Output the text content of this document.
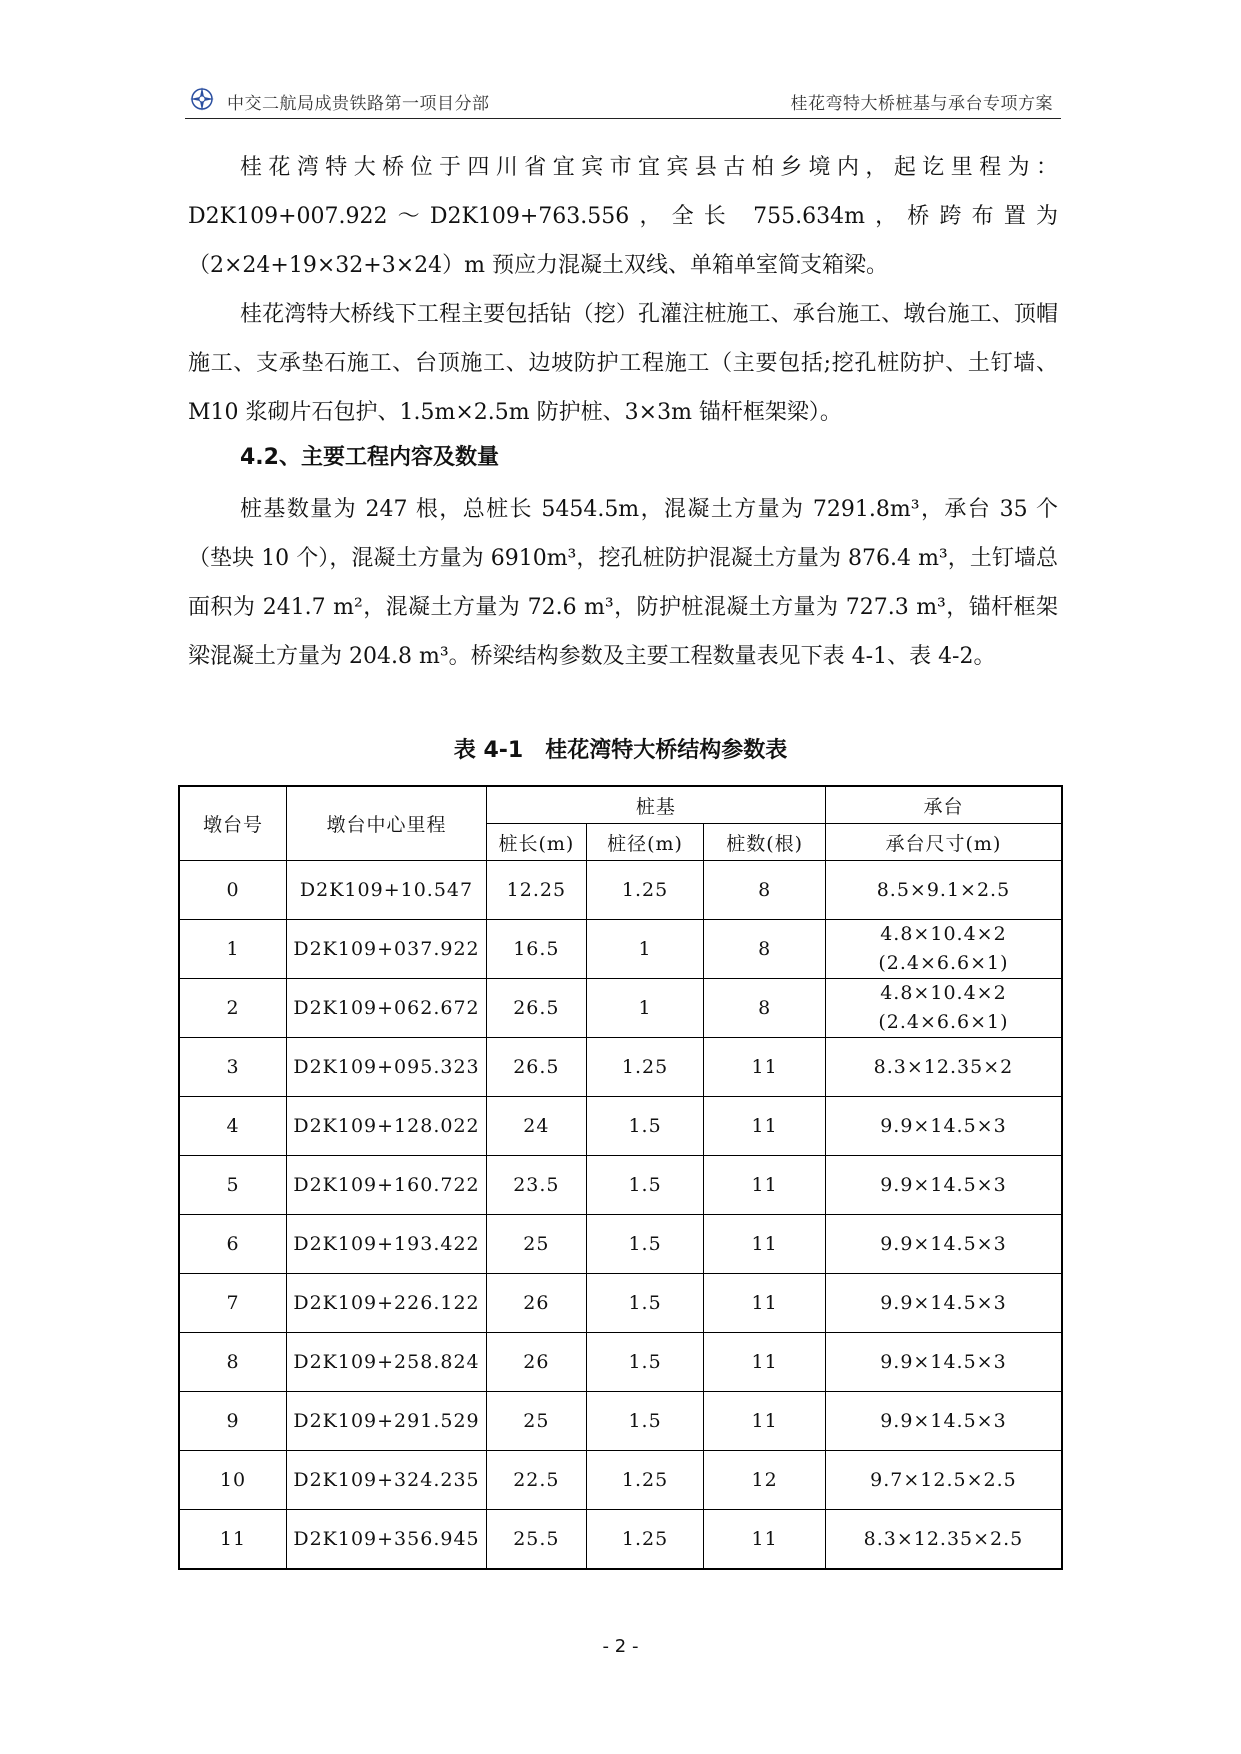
中交二航局成贵铁路第一项目分部	桂花弯特大桥桩基与承台专项方案

桂花湾特大桥位于四川省宜宾市宜宾县古柏乡境内，起讫里程为：D2K109+007.922～D2K109+763.556，全长 755.634m，桥跨布置为（2×24+19×32+3×24）m 预应力混凝土双线、单箱单室简支箱梁。

桂花湾特大桥线下工程主要包括钻（挖）孔灌注桩施工、承台施工、墩台施工、顶帽施工、支承垫石施工、台顶施工、边坡防护工程施工（主要包括;挖孔桩防护、土钉墙、M10 浆砌片石包护、1.5m×2.5m 防护桩、3×3m 锚杆框架梁）。

4.2、主要工程内容及数量

桩基数量为 247 根，总桩长 5454.5m，混凝土方量为 7291.8m³，承台 35 个（垫块 10 个），混凝土方量为 6910m³，挖孔桩防护混凝土方量为 876.4 m³，土钉墙总面积为 241.7 m²，混凝土方量为 72.6 m³，防护桩混凝土方量为 727.3 m³，锚杆框架梁混凝土方量为 204.8 m³。桥梁结构参数及主要工程数量表见下表 4-1、表 4-2。

表 4-1　桂花湾特大桥结构参数表
墩台号	墩台中心里程	桩基			承台
		桩长(m)	桩径(m)	桩数(根)	承台尺寸(m)
0	D2K109+10.547	12.25	1.25	8	8.5×9.1×2.5

1	D2K109+037.922	16.5	1	8	4.8×10.4×2
(2.4×6.6×1)

2	D2K109+062.672	26.5	1	8	4.8×10.4×2
(2.4×6.6×1)

3	D2K109+095.323	26.5	1.25	11	8.3×12.35×2

4	D2K109+128.022	24	1.5	11	9.9×14.5×3

5	D2K109+160.722	23.5	1.5	11	9.9×14.5×3

6	D2K109+193.422	25	1.5	11	9.9×14.5×3

7	D2K109+226.122	26	1.5	11	9.9×14.5×3

8	D2K109+258.824	26	1.5	11	9.9×14.5×3

9	D2K109+291.529	25	1.5	11	9.9×14.5×3

10	D2K109+324.235	22.5	1.25	12	9.7×12.5×2.5

11	D2K109+356.945	25.5	1.25	11	8.3×12.35×2.5
- 2 -
